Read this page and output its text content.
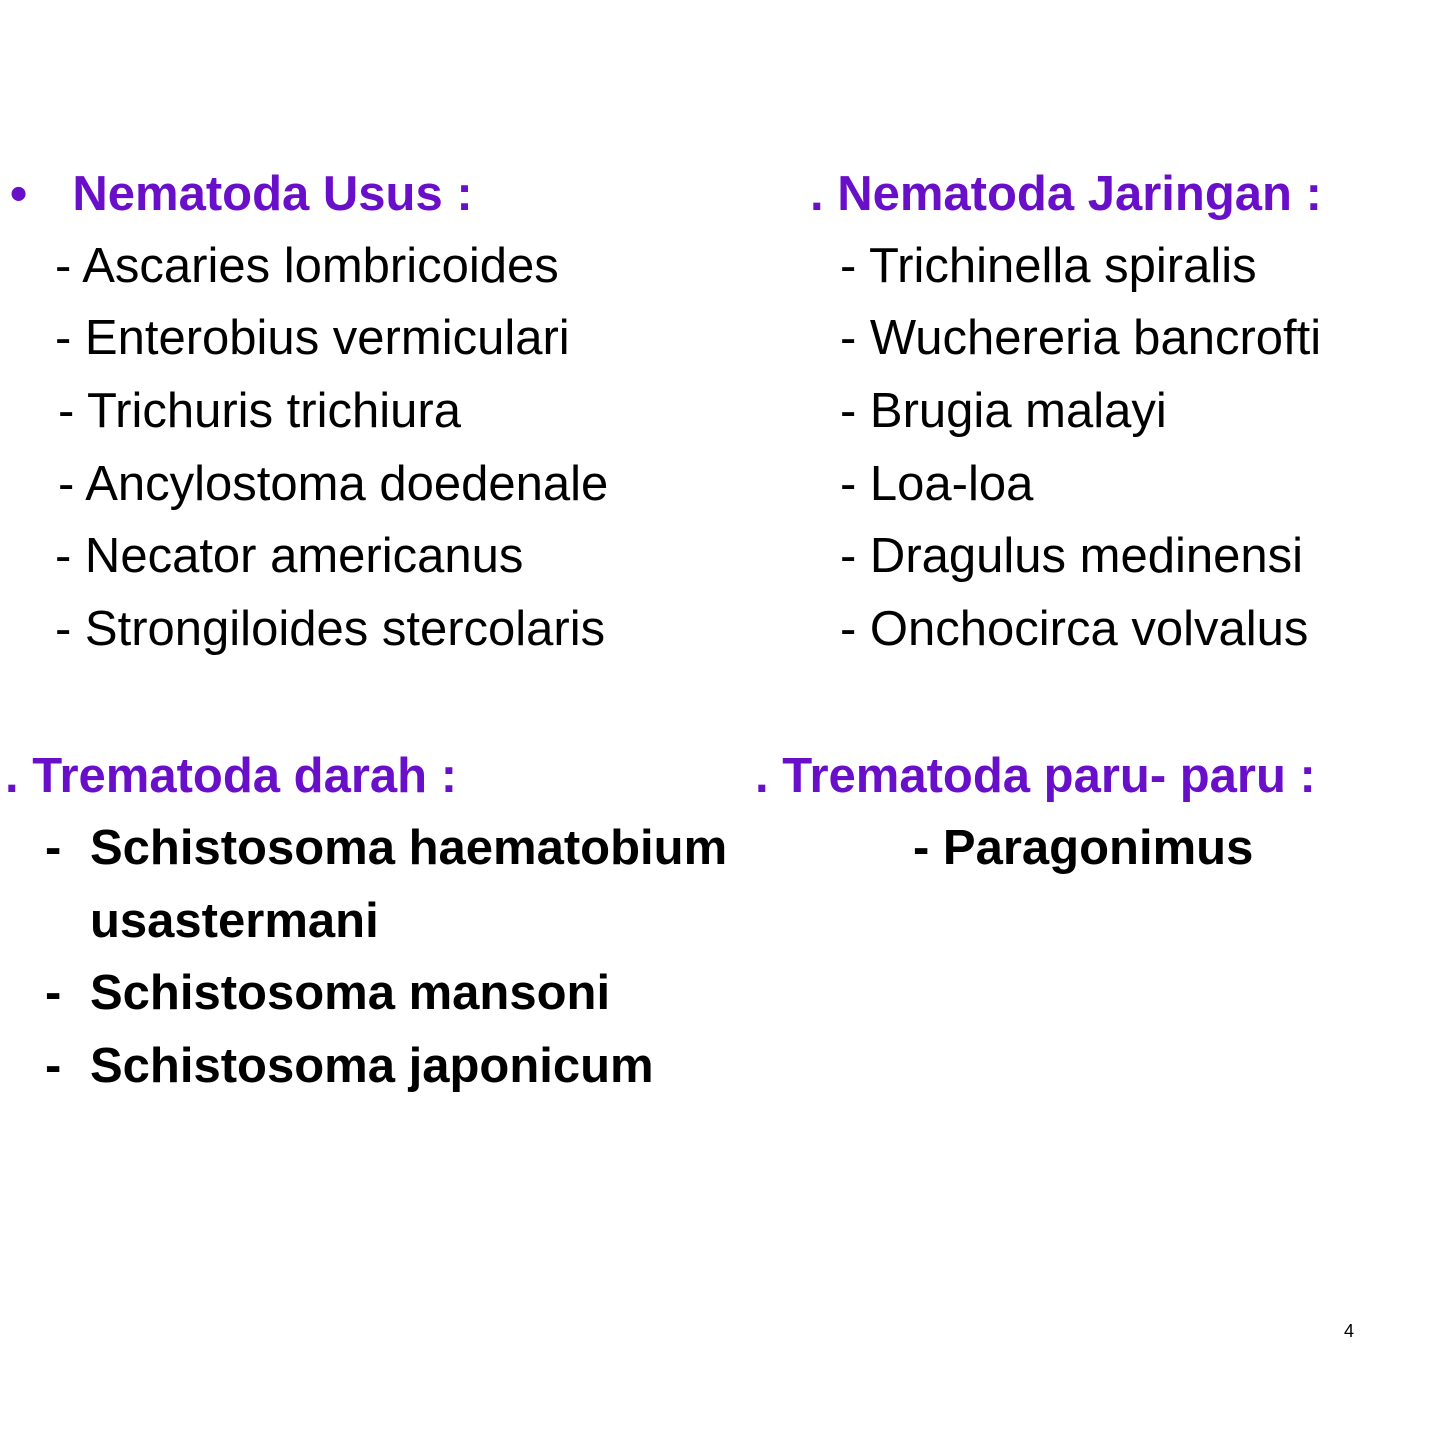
• Nematoda Usus :
- Ascaries lombricoides
- Enterobius vermiculari
- Trichuris trichiura
- Ancylostoma doedenale
- Necator americanus
- Strongiloides stercolaris
. Nematoda Jaringan :
- Trichinella spiralis
- Wuchereria bancrofti
- Brugia malayi
- Loa-loa
- Dragulus medinensi
- Onchocirca volvalus
. Trematoda darah :
- Schistosoma haematobium
. Trematoda paru- paru :
- Paragonimus
usastermani
- Schistosoma mansoni
- Schistosoma japonicum
4
